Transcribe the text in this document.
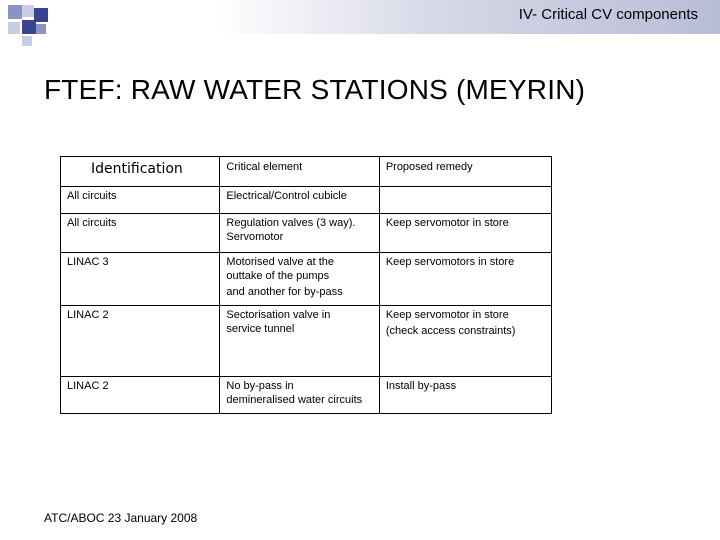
IV- Critical CV components
FTEF: RAW WATER STATIONS (MEYRIN)
Identification	Critical element	Proposed remedy
All circuits	Electrical/Control cubicle	
All circuits	Regulation valves (3 way).
Servomotor	Keep servomotor in store
LINAC 3	Motorised valve at the
outtake of the pumps
and another for by-pass	Keep servomotors in store
LINAC 2	Sectorisation valve in
service tunnel	Keep servomotor in store
(check access constraints)

LINAC 2	No by-pass in
demineralised water circuits	Install by-pass
ATC/ABOC 23 January 2008
